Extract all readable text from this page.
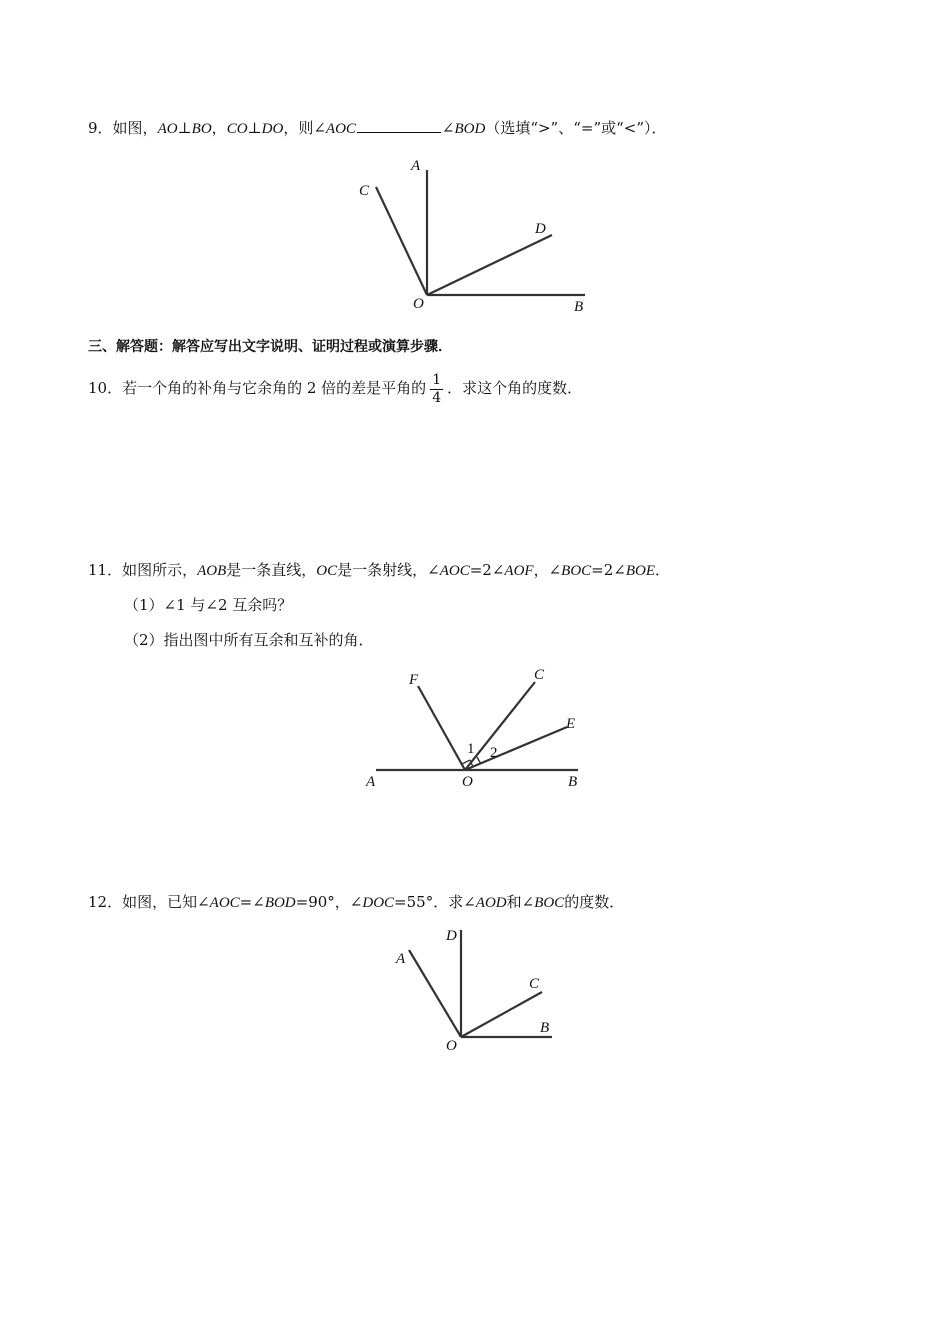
9．如图，AO⊥BO，CO⊥DO，则∠AOC	∠BOD（选填“>”、“=”或“<”）．
A
C
D
O	B
三、解答题：解答应写出文字说明、证明过程或演算步骤．
10．若一个角的补角与它余角的 2 倍的差是平角的 $\frac{1}{4}$ ．求这个角的度数．
11．如图所示，AOB是一条直线，OC是一条射线，∠AOC=2∠AOF，∠BOC=2∠BOE．
（1）∠1 与∠2 互余吗？
（2）指出图中所有互余和互补的角．
F	C
E
1 2
A	O	B
12．如图，已知∠AOC=∠BOD=90°，∠DOC=55°．求∠AOD和∠BOC的度数．
D
A
C
B
O
